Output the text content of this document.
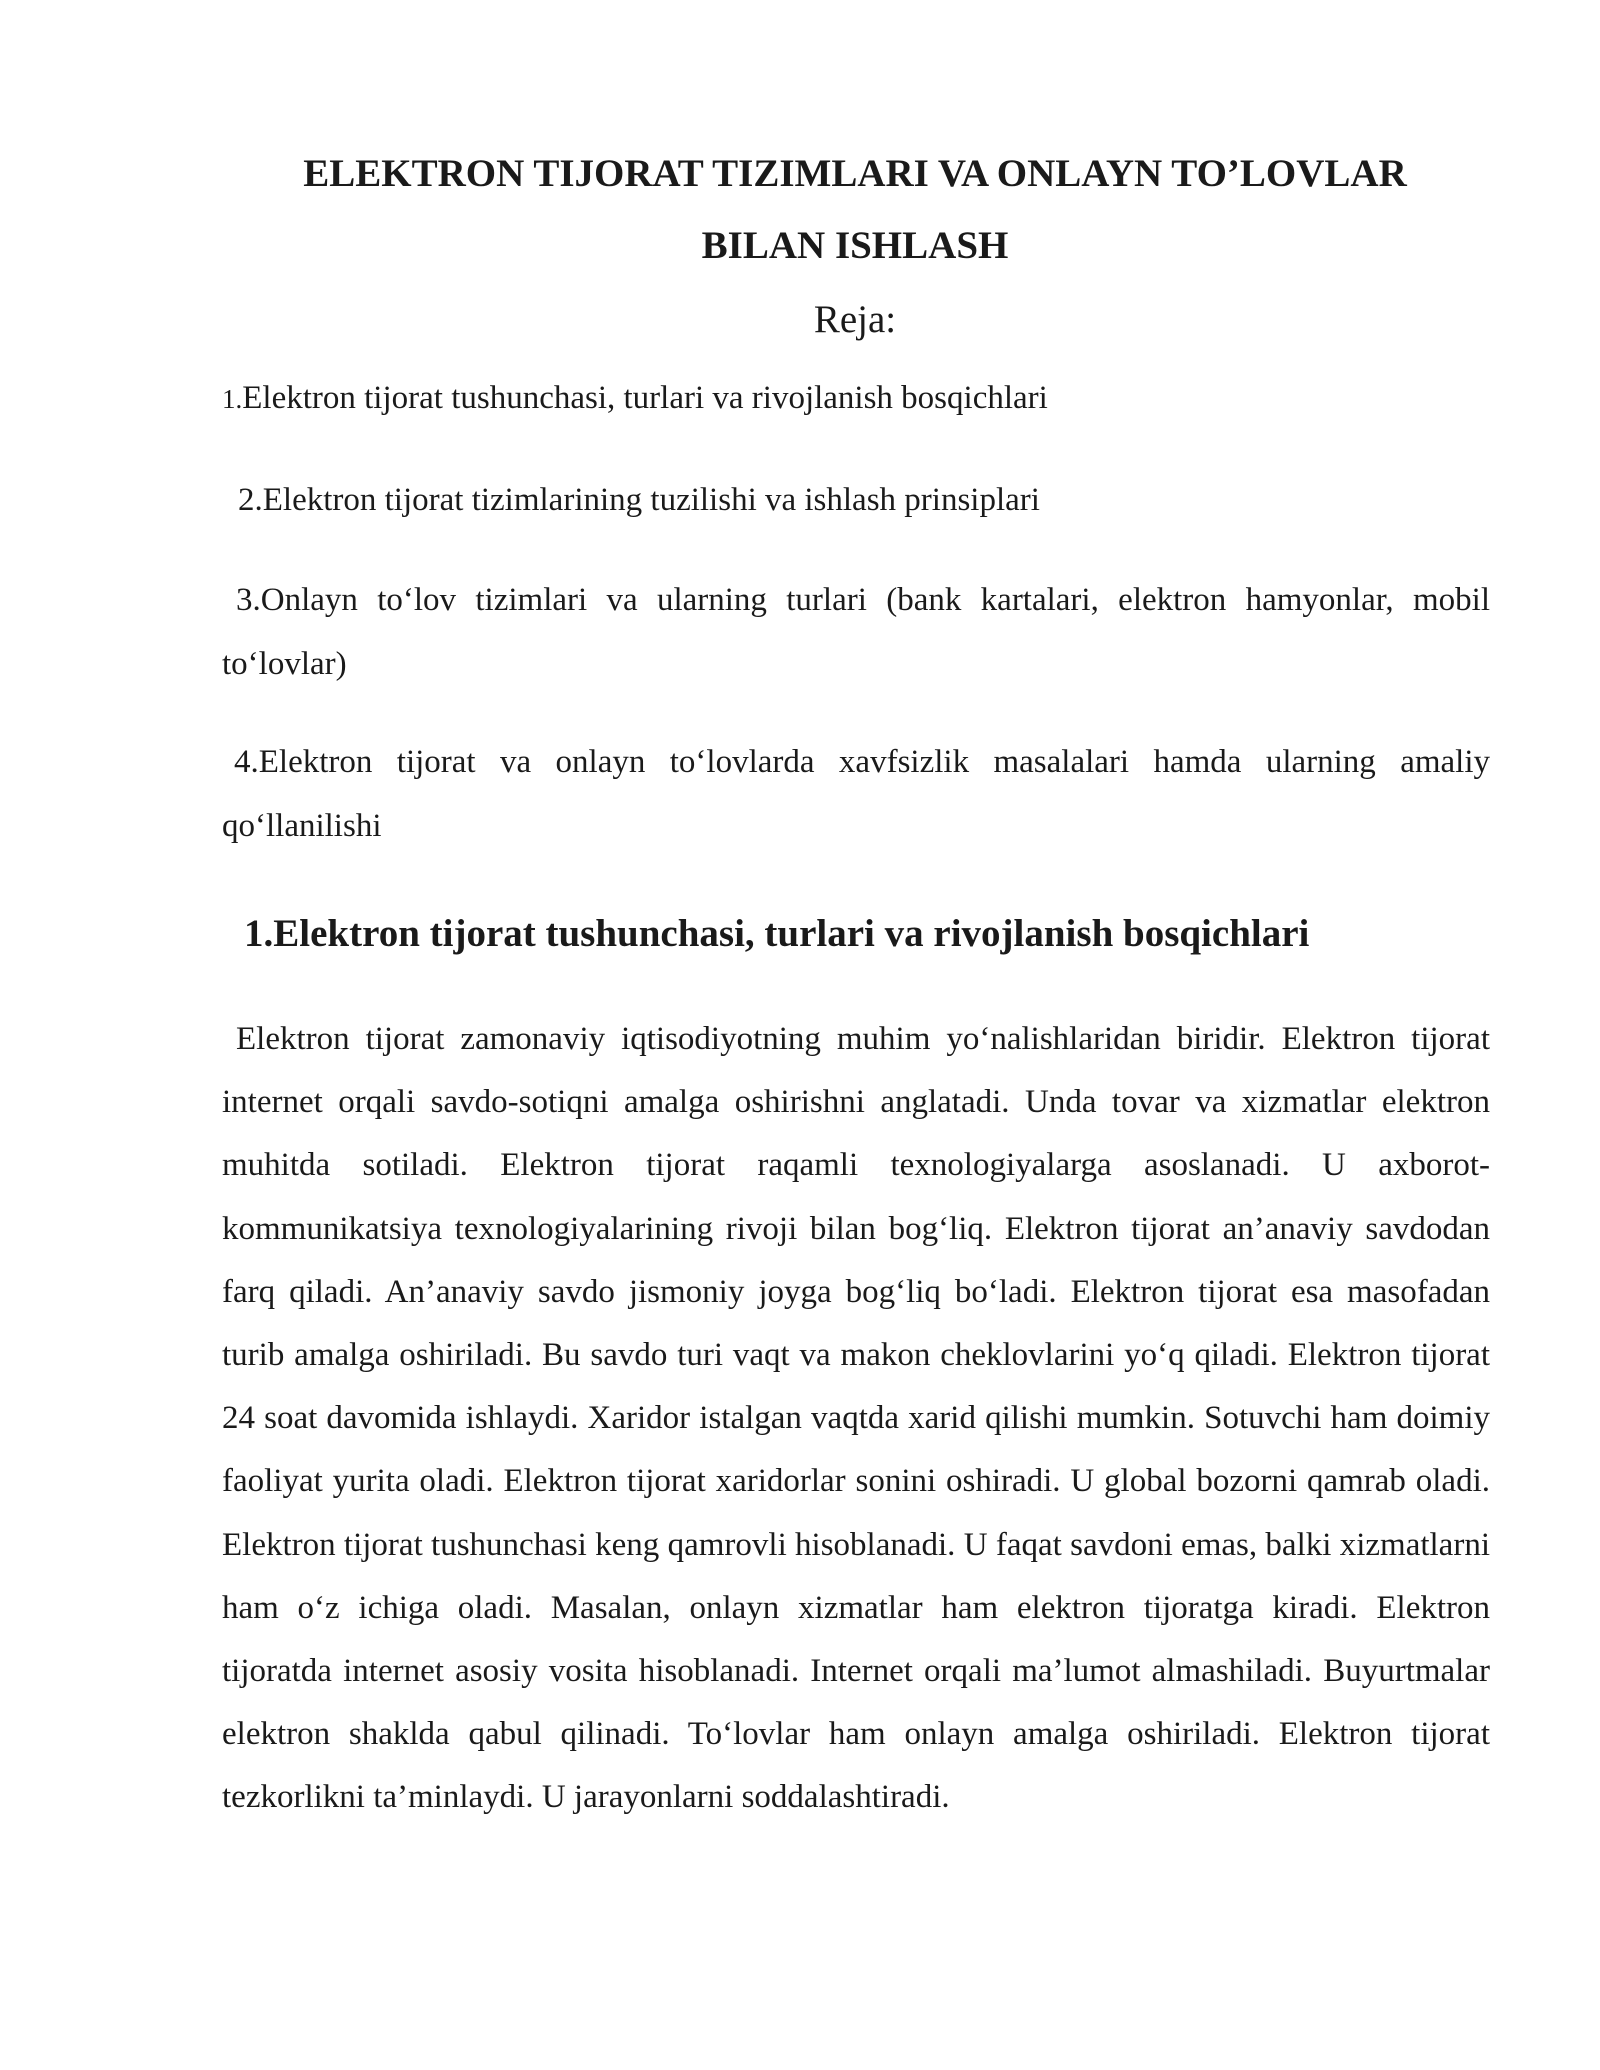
ELEKTRON TIJORAT TIZIMLARI VA ONLAYN TO’LOVLAR
BILAN ISHLASH

Reja:

1.Elektron tijorat tushunchasi, turlari va rivojlanish bosqichlari

2.Elektron tijorat tizimlarining tuzilishi va ishlash prinsiplari

3.Onlayn to‘lov tizimlari va ularning turlari (bank kartalari, elektron hamyonlar, mobil to‘lovlar)

4.Elektron tijorat va onlayn to‘lovlarda xavfsizlik masalalari hamda ularning amaliy qo‘llanilishi

1.Elektron tijorat tushunchasi, turlari va rivojlanish bosqichlari

Elektron tijorat zamonaviy iqtisodiyotning muhim yo‘nalishlaridan biridir. Elektron tijorat internet orqali savdo-sotiqni amalga oshirishni anglatadi. Unda tovar va xizmatlar elektron muhitda sotiladi. Elektron tijorat raqamli texnologiyalarga asoslanadi. U axborot-kommunikatsiya texnologiyalarining rivoji bilan bog‘liq. Elektron tijorat an’anaviy savdodan farq qiladi. An’anaviy savdo jismoniy joyga bog‘liq bo‘ladi. Elektron tijorat esa masofadan turib amalga oshiriladi. Bu savdo turi vaqt va makon cheklovlarini yo‘q qiladi. Elektron tijorat 24 soat davomida ishlaydi. Xaridor istalgan vaqtda xarid qilishi mumkin. Sotuvchi ham doimiy faoliyat yurita oladi. Elektron tijorat xaridorlar sonini oshiradi. U global bozorni qamrab oladi. Elektron tijorat tushunchasi keng qamrovli hisoblanadi. U faqat savdoni emas, balki xizmatlarni ham o‘z ichiga oladi. Masalan, onlayn xizmatlar ham elektron tijoratga kiradi. Elektron tijoratda internet asosiy vosita hisoblanadi. Internet orqali ma’lumot almashiladi. Buyurtmalar elektron shaklda qabul qilinadi. To‘lovlar ham onlayn amalga oshiriladi. Elektron tijorat tezkorlikni ta’minlaydi. U jarayonlarni soddalashtiradi.
